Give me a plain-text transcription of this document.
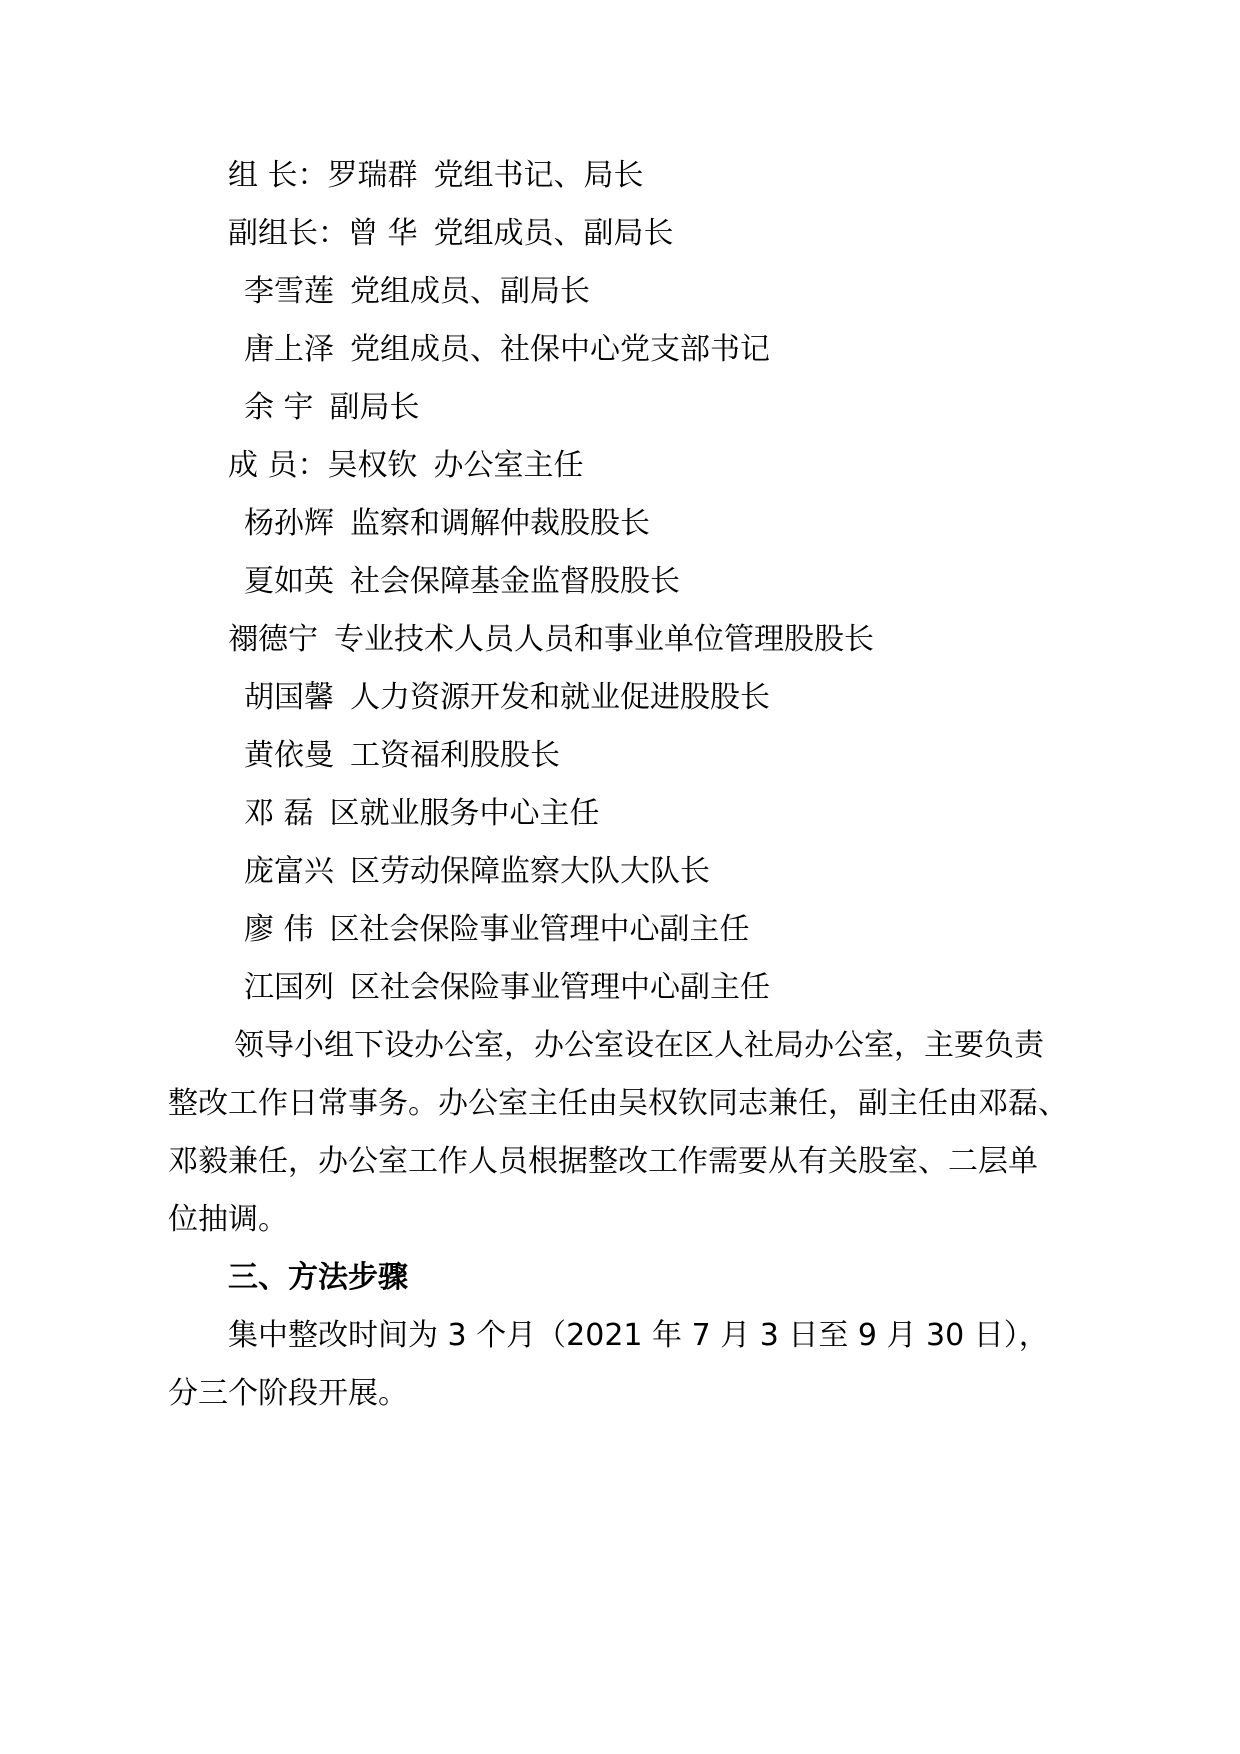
组 长：罗瑞群 党组书记、局长
副组长：曾 华 党组成员、副局长
李雪莲 党组成员、副局长
唐上泽 党组成员、社保中心党支部书记
余 宇 副局长
成 员：吴权钦 办公室主任
杨孙辉 监察和调解仲裁股股长
夏如英 社会保障基金监督股股长
禤德宁 专业技术人员人员和事业单位管理股股长
胡国馨 人力资源开发和就业促进股股长
黄依曼 工资福利股股长
邓 磊 区就业服务中心主任
庞富兴 区劳动保障监察大队大队长
廖 伟 区社会保险事业管理中心副主任
江国列 区社会保险事业管理中心副主任
领导小组下设办公室，办公室设在区人社局办公室，主要负责
整改工作日常事务。办公室主任由吴权钦同志兼任，副主任由邓磊、
邓毅兼任，办公室工作人员根据整改工作需要从有关股室、二层单
位抽调。
三、方法步骤
集中整改时间为 3 个月（2021 年 7 月 3 日至 9 月 30 日），
分三个阶段开展。
